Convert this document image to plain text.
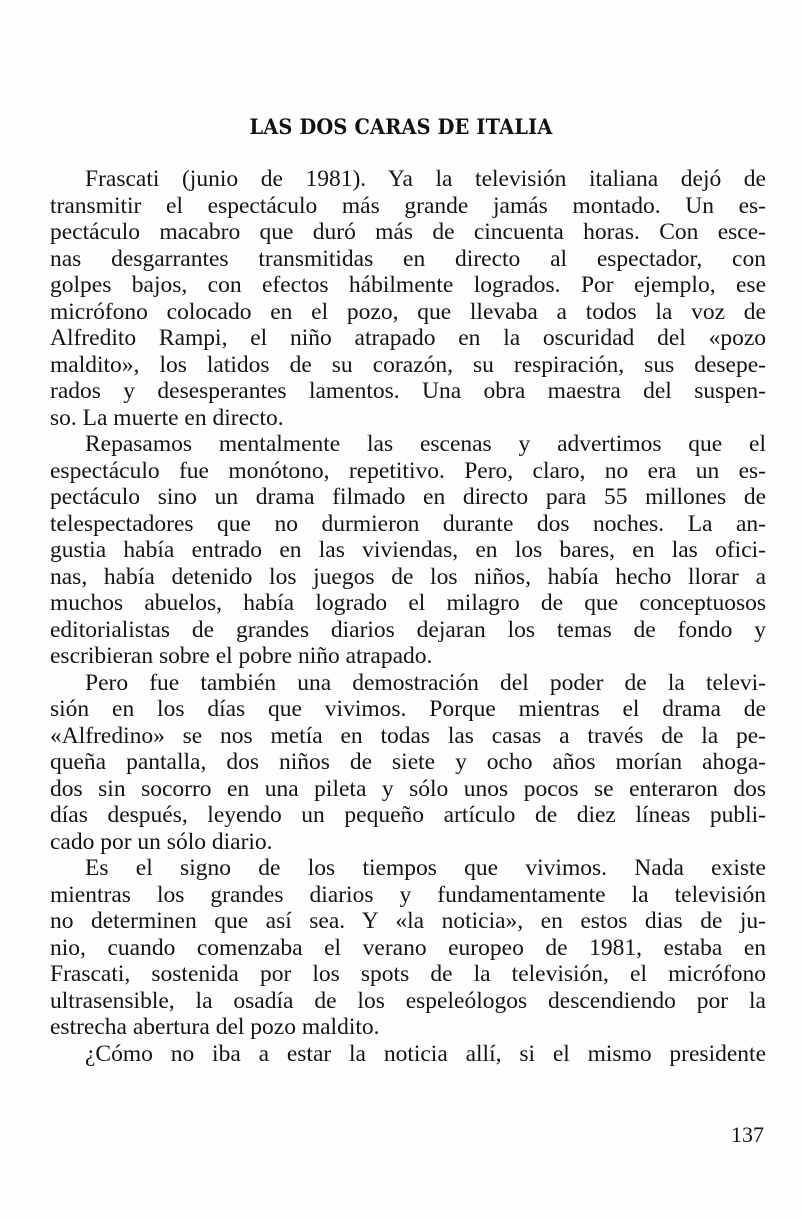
LAS DOS CARAS DE ITALIA
Frascati (junio de 1981). Ya la televisión italiana dejó de
transmitir el espectáculo más grande jamás montado. Un es-
pectáculo macabro que duró más de cincuenta horas. Con esce-
nas desgarrantes transmitidas en directo al espectador, con
golpes bajos, con efectos hábilmente logrados. Por ejemplo, ese
micrófono colocado en el pozo, que llevaba a todos la voz de
Alfredito Rampi, el niño atrapado en la oscuridad del «pozo
maldito», los latidos de su corazón, su respiración, sus desepe-
rados y desesperantes lamentos. Una obra maestra del suspen-
so. La muerte en directo.
Repasamos mentalmente las escenas y advertimos que el
espectáculo fue monótono, repetitivo. Pero, claro, no era un es-
pectáculo sino un drama filmado en directo para 55 millones de
telespectadores que no durmieron durante dos noches. La an-
gustia había entrado en las viviendas, en los bares, en las ofici-
nas, había detenido los juegos de los niños, había hecho llorar a
muchos abuelos, había logrado el milagro de que conceptuosos
editorialistas de grandes diarios dejaran los temas de fondo y
escribieran sobre el pobre niño atrapado.
Pero fue también una demostración del poder de la televi-
sión en los días que vivimos. Porque mientras el drama de
«Alfredino» se nos metía en todas las casas a través de la pe-
queña pantalla, dos niños de siete y ocho años morían ahoga-
dos sin socorro en una pileta y sólo unos pocos se enteraron dos
días después, leyendo un pequeño artículo de diez líneas publi-
cado por un sólo diario.
Es el signo de los tiempos que vivimos. Nada existe
mientras los grandes diarios y fundamentamente la televisión
no determinen que así sea. Y «la noticia», en estos dias de ju-
nio, cuando comenzaba el verano europeo de 1981, estaba en
Frascati, sostenida por los spots de la televisión, el micrófono
ultrasensible, la osadía de los espeleólogos descendiendo por la
estrecha abertura del pozo maldito.
¿Cómo no iba a estar la noticia allí, si el mismo presidente
137
